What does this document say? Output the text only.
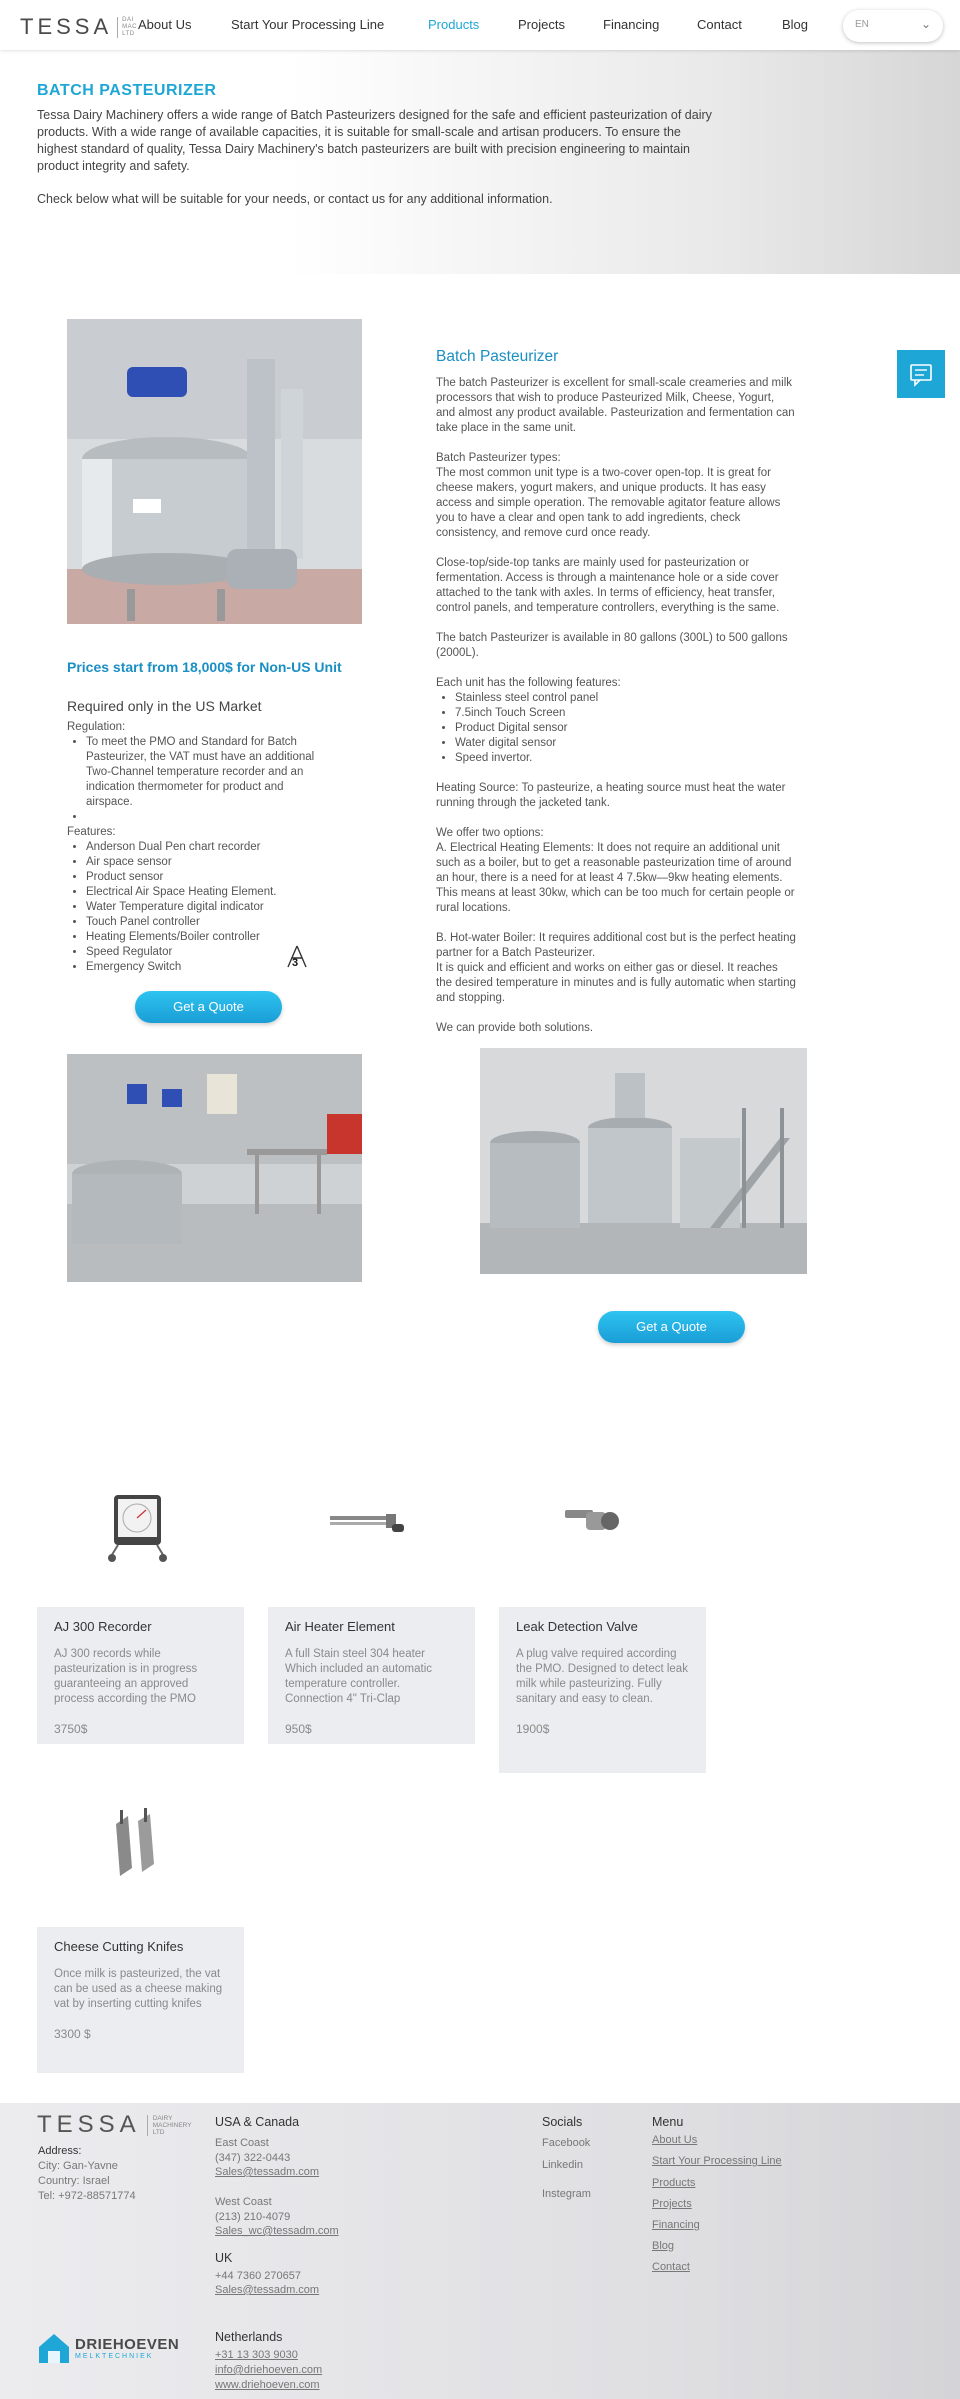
TESSA	DAI
MAC
LTD
About Us	Start Your Processing Line	Products	Projects	Financing	Contact	Blog	EN	⌄
BATCH PASTEURIZER

Tessa Dairy Machinery offers a wide range of Batch Pasteurizers designed for the safe and efficient pasteurization of dairy products. With a wide range of available capacities, it is suitable for small-scale and artisan producers. To ensure the highest standard of quality, Tessa Dairy Machinery's batch pasteurizers are built with precision engineering to maintain product integrity and safety.

Check below what will be suitable for your needs, or contact us for any additional information.

Prices start from 18,000$ for Non-US Unit
Required only in the US Market
Regulation:
• To meet the PMO and Standard for Batch Pasteurizer, the VAT must have an additional Two-Channel temperature recorder and an indication thermometer for product and airspace.
•
Features:
• Anderson Dual Pen chart recorder
• Air space sensor
• Product sensor
• Electrical Air Space Heating Element.
• Water Temperature digital indicator
• Touch Panel controller
• Heating Elements/Boiler controller
• Speed Regulator
• Emergency Switch	3
Get a Quote
Batch Pasteurizer

The batch Pasteurizer is excellent for small-scale creameries and milk processors that wish to produce Pasteurized Milk, Cheese, Yogurt, and almost any product available. Pasteurization and fermentation can take place in the same unit.

Batch Pasteurizer types:

The most common unit type is a two-cover open-top. It is great for cheese makers, yogurt makers, and unique products. It has easy access and simple operation. The removable agitator feature allows you to have a clear and open tank to add ingredients, check consistency, and remove curd once ready.

Close-top/side-top tanks are mainly used for pasteurization or fermentation. Access is through a maintenance hole or a side cover attached to the tank with axles. In terms of efficiency, heat transfer, control panels, and temperature controllers, everything is the same.

The batch Pasteurizer is available in 80 gallons (300L) to 500 gallons (2000L).

Each unit has the following features:

• Stainless steel control panel
• 7.5inch Touch Screen
• Product Digital sensor
• Water digital sensor
• Speed invertor.

Heating Source: To pasteurize, a heating source must heat the water running through the jacketed tank.

We offer two options:

A. Electrical Heating Elements: It does not require an additional unit such as a boiler, but to get a reasonable pasteurization time of around an hour, there is a need for at least 4 7.5kw—9kw heating elements. This means at least 30kw, which can be too much for certain people or rural locations.

B. Hot-water Boiler: It requires additional cost but is the perfect heating partner for a Batch Pasteurizer.

It is quick and efficient and works on either gas or diesel. It reaches the desired temperature in minutes and is fully automatic when starting and stopping.

We can provide both solutions.

Get a Quote
AJ 300 Recorder
AJ 300 records while pasteurization is in progress guaranteeing an approved process according the PMO
3750$
Air Heater Element
A full Stain steel 304 heater Which included an automatic temperature controller. Connection 4" Tri-Clap
950$
Leak Detection Valve
A plug valve required according the PMO. Designed to detect leak milk while pasteurizing. Fully sanitary and easy to clean.
1900$
Cheese Cutting Knifes
Once milk is pasteurized, the vat can be used as a cheese making vat by inserting cutting knifes
3300 $
TESSA	DAIRY
MACHINERY
LTD
Address:
City: Gan-Yavne
Country: Israel
Tel: +972-88571774
USA & Canada
East Coast
(347) 322-0443
Sales@tessadm.com
West Coast
(213) 210-4079
Sales_wc@tessadm.com
UK
+44 7360 270657
Sales@tessadm.com
Netherlands
+31 13 303 9030
info@driehoeven.com
www.driehoeven.com
DRIEHOEVEN
MELKTECHNIEK
Socials
Facebook
Linkedin
Instegram
Menu
About Us
Start Your Processing Line
Products
Projects
Financing
Blog
Contact
